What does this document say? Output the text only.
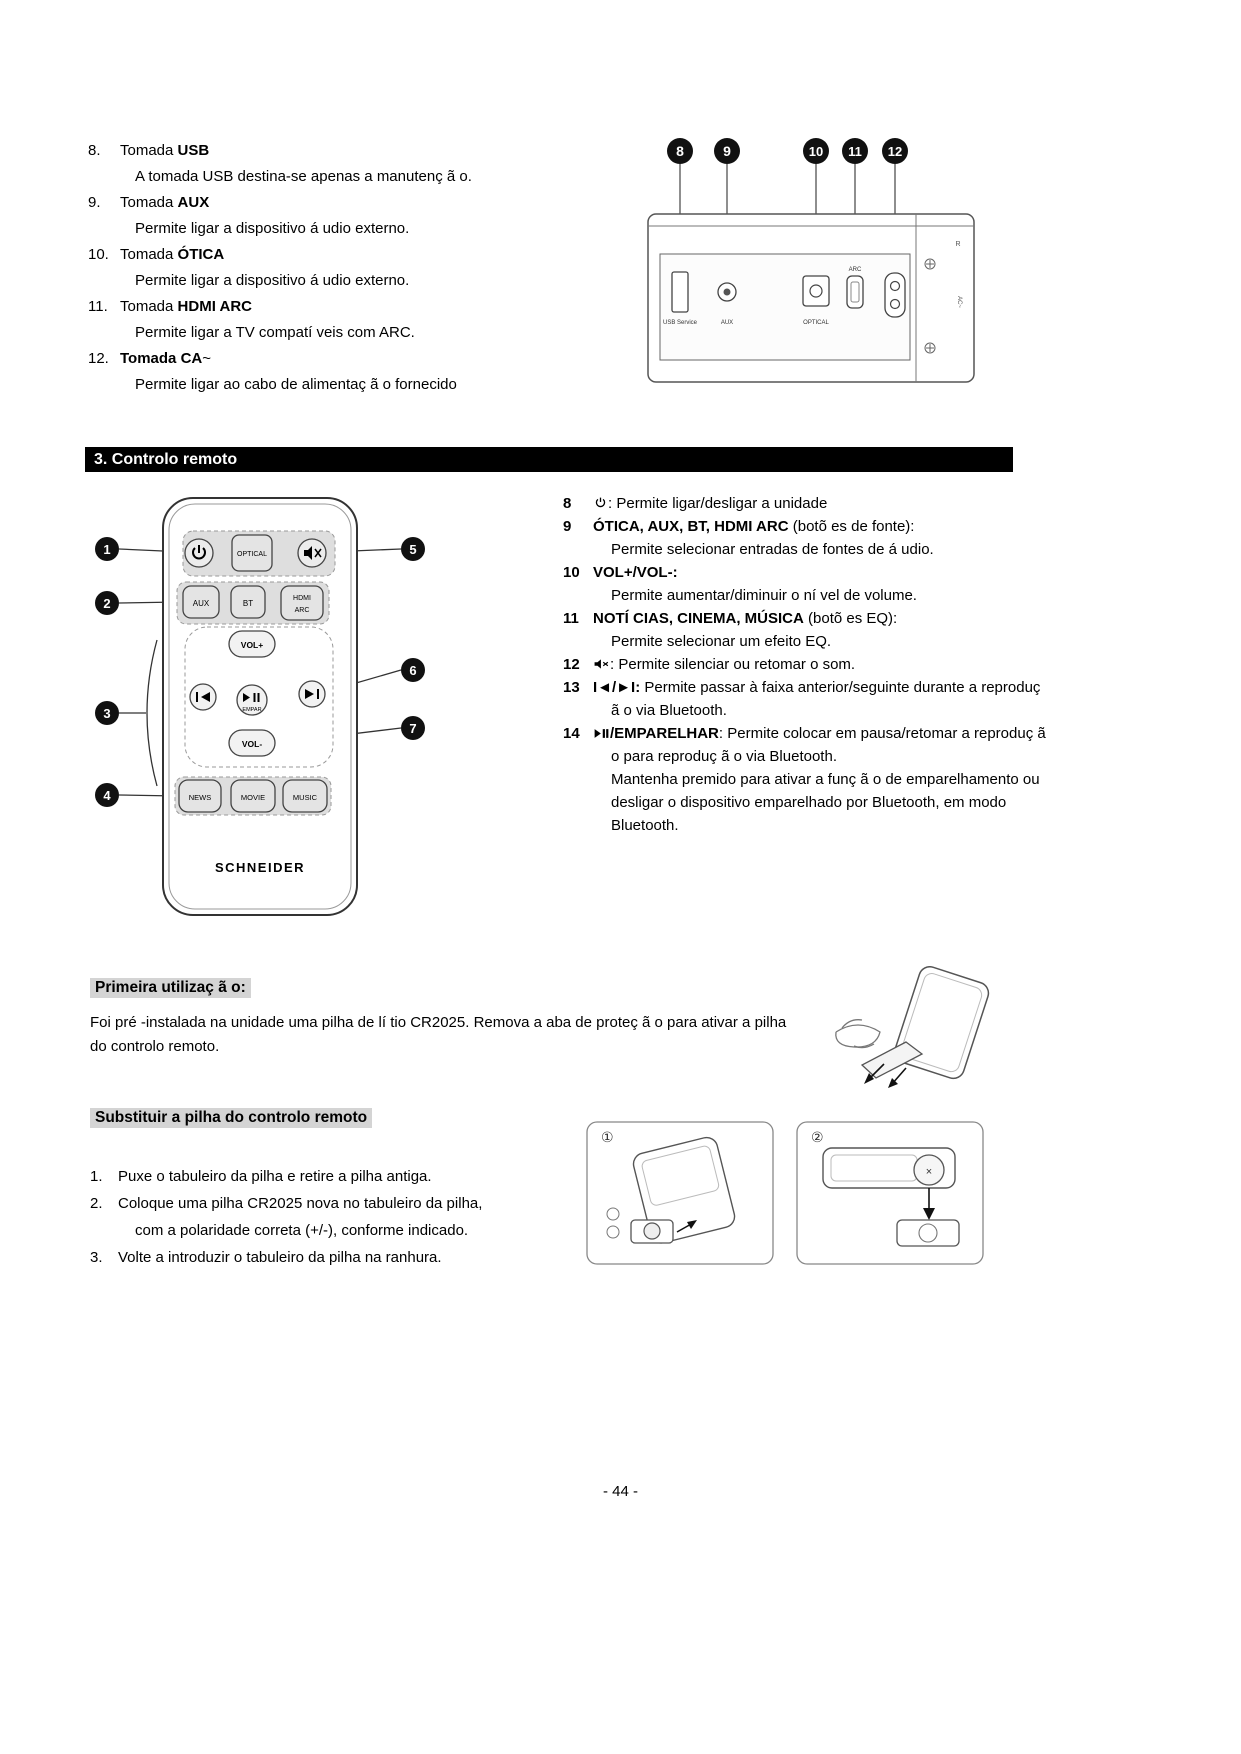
8.	Tomada USB
A tomada USB destina-se apenas a manutenç ã o.
9.	Tomada AUX
Permite ligar a dispositivo á udio externo.
10. Tomada ÓTICA
Permite ligar a dispositivo á udio externo.
11. Tomada HDMI ARC
Permite ligar a TV compatí veis com ARC.
12. Tomada CA~
Permite ligar ao cabo de alimentaç ã o fornecido
USB Service	AUX	OPTICAL
ARC
R
AC~
8	9	10 11 12
3. Controlo remoto
OPTICAL
AUX	BT
HDMI
ARC
VOL+
EMPAR
VOL-
NEWS	MOVIE	MUSIC
SCHNEIDER
1
2
3
4
5
6
7
8	: Permite ligar/desligar a unidade
9	ÓTICA, AUX, BT, HDMI ARC (botõ es de fonte):
Permite selecionar entradas de fontes de á udio.
10 VOL+/VOL-:
Permite aumentar/diminuir o ní vel de volume.
11 NOTÍ CIAS, CINEMA, MÚSICA (botõ es EQ):
Permite selecionar um efeito EQ.
12	: Permite silenciar ou retomar o som.
13 I◄/►I: Permite passar à faixa anterior/seguinte durante a reproduç ã o via Bluetooth.
14	/EMPARELHAR: Permite colocar em pausa/retomar a reproduç ã o para reproduç ã o via Bluetooth.
Mantenha premido para ativar a funç ã o de emparelhamento ou desligar o dispositivo emparelhado por Bluetooth, em modo Bluetooth.
Primeira utilizaç ã o:
Foi pré -instalada na unidade uma pilha de lí tio CR2025. Remova a aba de proteç ã o para ativar a pilha do controlo remoto.
Substituir a pilha do controlo remoto
1.	Puxe o tabuleiro da pilha e retire a pilha antiga.
2.	Coloque uma pilha CR2025 nova no tabuleiro da pilha,
com a polaridade correta (+/-), conforme indicado.
3.	Volte a introduzir o tabuleiro da pilha na ranhura.
①	②
×
- 44 -
